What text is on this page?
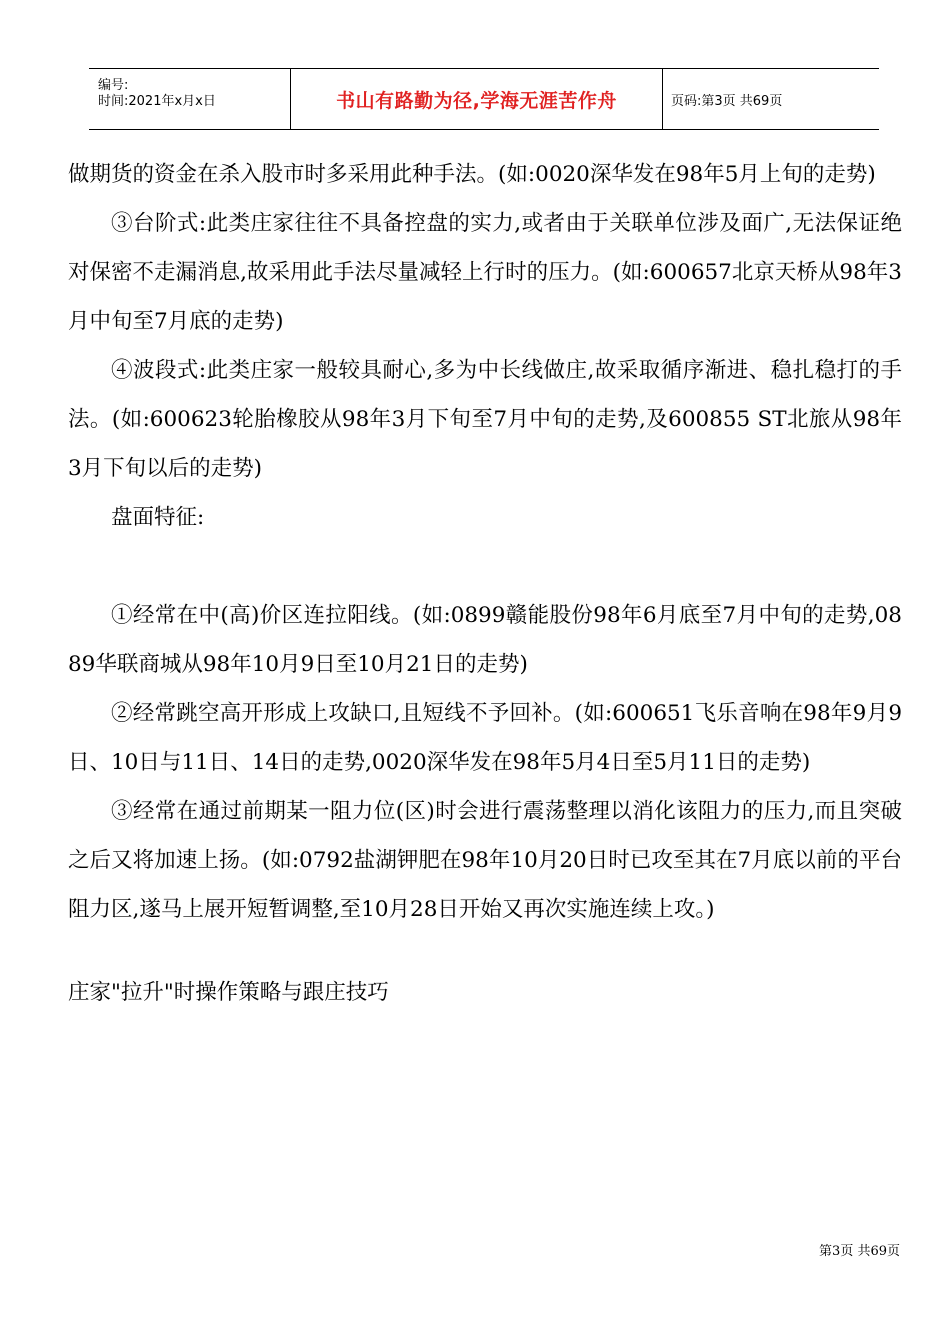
编号:
时间:2021年x月x日	书山有路勤为径,学海无涯苦作舟	页码:第3页 共69页

做期货的资金在杀入股市时多采用此种手法。(如:0020深华发在98年5月上旬的走势)

③台阶式:此类庄家往往不具备控盘的实力,或者由于关联单位涉及面广,无法保证绝对保密不走漏消息,故采用此手法尽量减轻上行时的压力。(如:600657北京天桥从98年3月中旬至7月底的走势)

④波段式:此类庄家一般较具耐心,多为中长线做庄,故采取循序渐进、稳扎稳打的手法。(如:600623轮胎橡胶从98年3月下旬至7月中旬的走势,及600855 ST北旅从98年3月下旬以后的走势)

盘面特征:

①经常在中(高)价区连拉阳线。(如:0899赣能股份98年6月底至7月中旬的走势,0889华联商城从98年10月9日至10月21日的走势)

②经常跳空高开形成上攻缺口,且短线不予回补。(如:600651飞乐音响在98年9月9日、10日与11日、14日的走势,0020深华发在98年5月4日至5月11日的走势)

③经常在通过前期某一阻力位(区)时会进行震荡整理以消化该阻力的压力,而且突破之后又将加速上扬。(如:0792盐湖钾肥在98年10月20日时已攻至其在7月底以前的平台阻力区,遂马上展开短暂调整,至10月28日开始又再次实施连续上攻。)

庄家"拉升"时操作策略与跟庄技巧

第3页 共69页
